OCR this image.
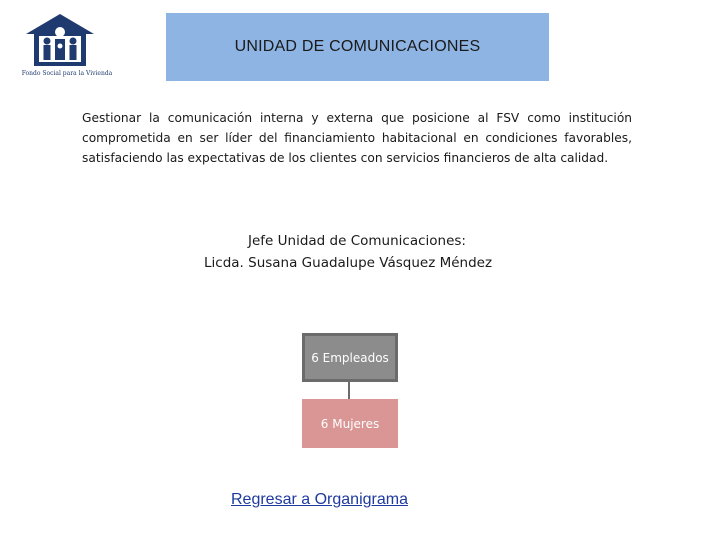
Fondo Social para la Vivienda
UNIDAD DE COMUNICACIONES
Gestionar la comunicación interna y externa que posicione al FSV como institución comprometida en ser líder del financiamiento habitacional en condiciones favorables, satisfaciendo las expectativas de los clientes con servicios financieros de alta calidad.
Jefe Unidad de Comunicaciones:
Licda. Susana Guadalupe Vásquez Méndez
6 Empleados
6 Mujeres
Regresar a Organigrama
